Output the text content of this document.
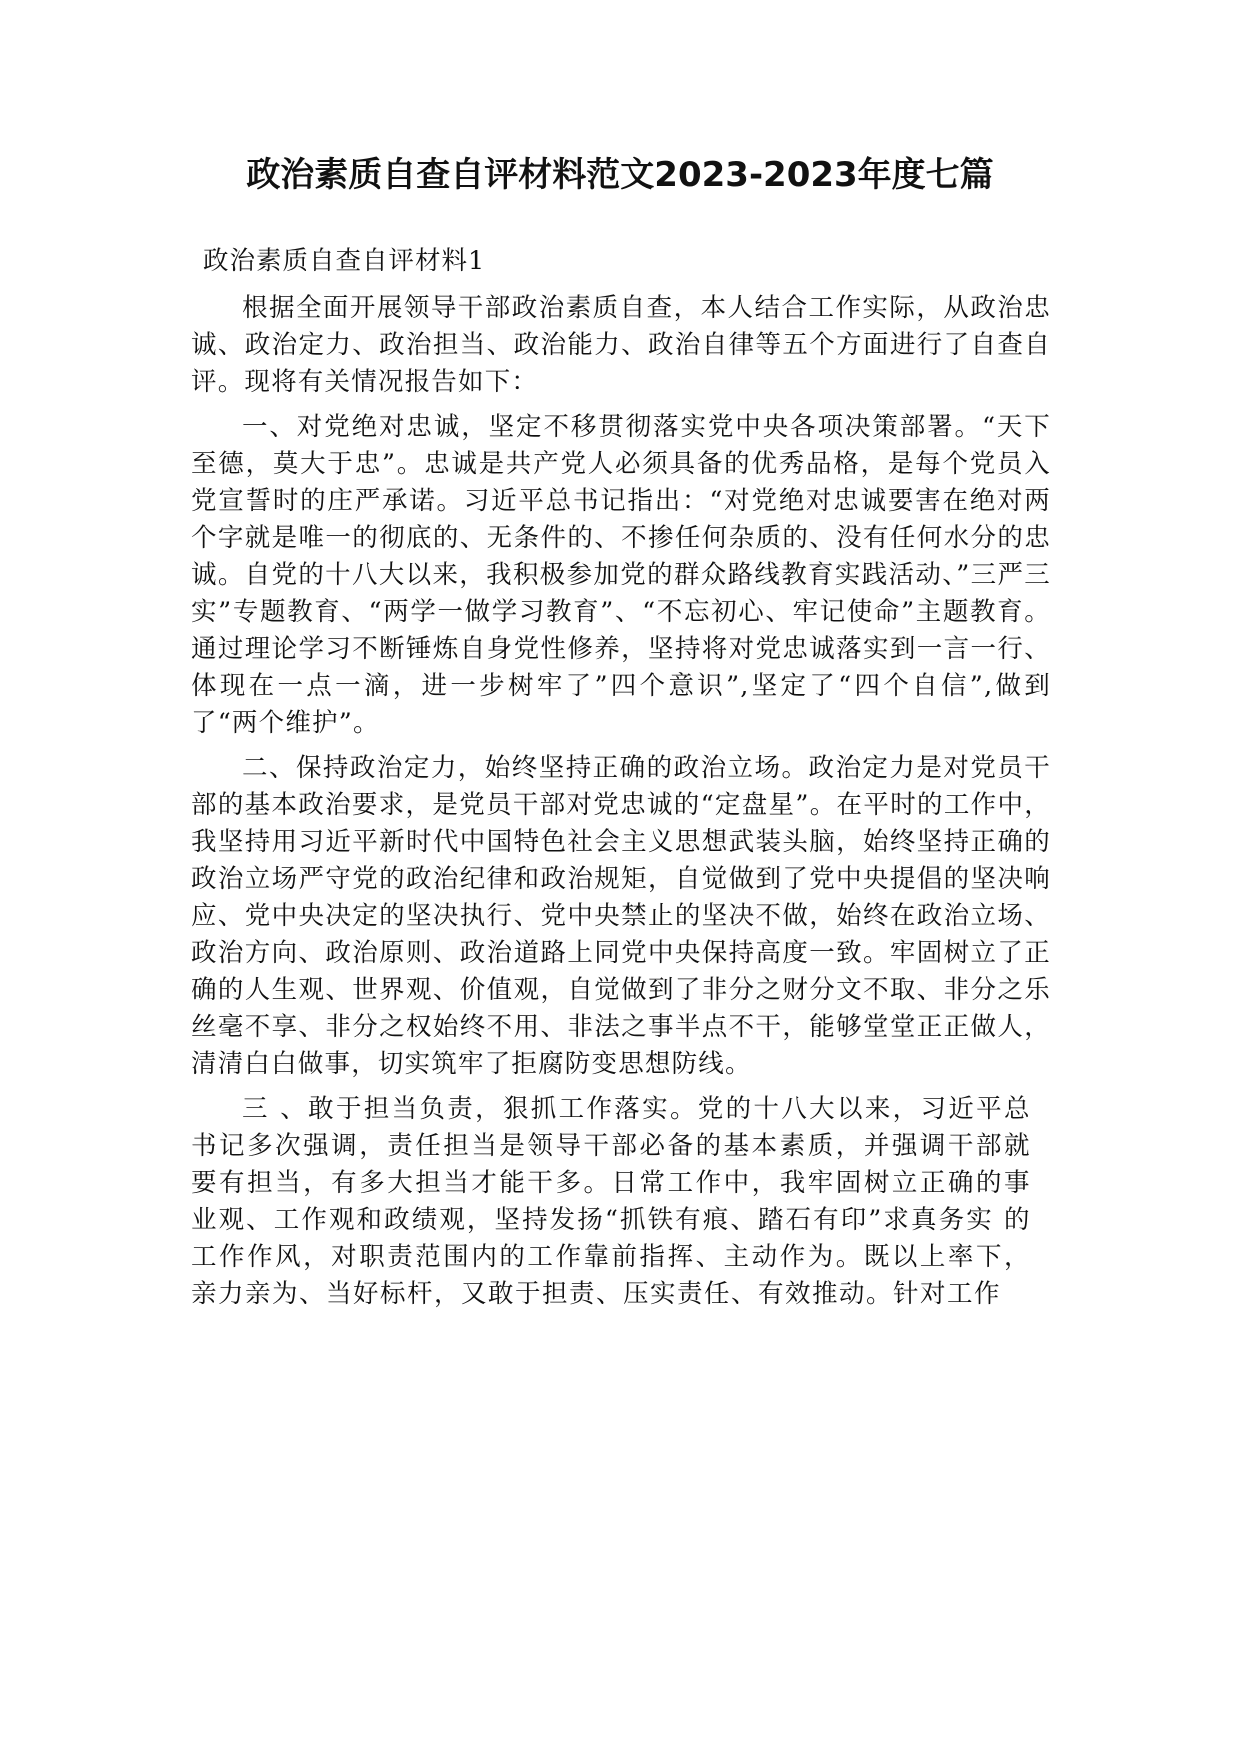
政治素质自查自评材料范文2023-2023年度七篇

政治素质自查自评材料1

根据全面开展领导干部政治素质自查，本人结合工作实际，从政治忠诚、政治定力、政治担当、政治能力、政治自律等五个方面进行了自查自评。现将有关情况报告如下：

一、对党绝对忠诚，坚定不移贯彻落实党中央各项决策部署。“天下至德，莫大于忠”。忠诚是共产党人必须具备的优秀品格，是每个党员入党宣誓时的庄严承诺。习近平总书记指出：“对党绝对忠诚要害在绝对两个字就是唯一的彻底的、无条件的、不掺任何杂质的、没有任何水分的忠诚。自党的十八大以来，我积极参加党的群众路线教育实践活动、”三严三实”专题教育、“两学一做学习教育”、“不忘初心、牢记使命”主题教育。通过理论学习不断锤炼自身党性修养，坚持将对党忠诚落实到一言一行、体现在一点一滴，进一步树牢了”四个意识”,坚定了“四个自信”,做到了“两个维护”。

二、保持政治定力，始终坚持正确的政治立场。政治定力是对党员干部的基本政治要求，是党员干部对党忠诚的“定盘星”。在平时的工作中，我坚持用习近平新时代中国特色社会主义思想武装头脑，始终坚持正确的政治立场严守党的政治纪律和政治规矩，自觉做到了党中央提倡的坚决响应、党中央决定的坚决执行、党中央禁止的坚决不做，始终在政治立场、政治方向、政治原则、政治道路上同党中央保持高度一致。牢固树立了正确的人生观、世界观、价值观，自觉做到了非分之财分文不取、非分之乐丝毫不享、非分之权始终不用、非法之事半点不干，能够堂堂正正做人，清清白白做事，切实筑牢了拒腐防变思想防线。

三 、敢于担当负责，狠抓工作落实。党的十八大以来，习近平总 书记多次强调，责任担当是领导干部必备的基本素质，并强调干部就 要有担当，有多大担当才能干多。日常工作中，我牢固树立正确的事 业观、工作观和政绩观，坚持发扬“抓铁有痕、踏石有印”求真务实 的工作作风，对职责范围内的工作靠前指挥、主动作为。既以上率下， 亲力亲为、当好标杆，又敢于担责、压实责任、有效推动。针对工作
